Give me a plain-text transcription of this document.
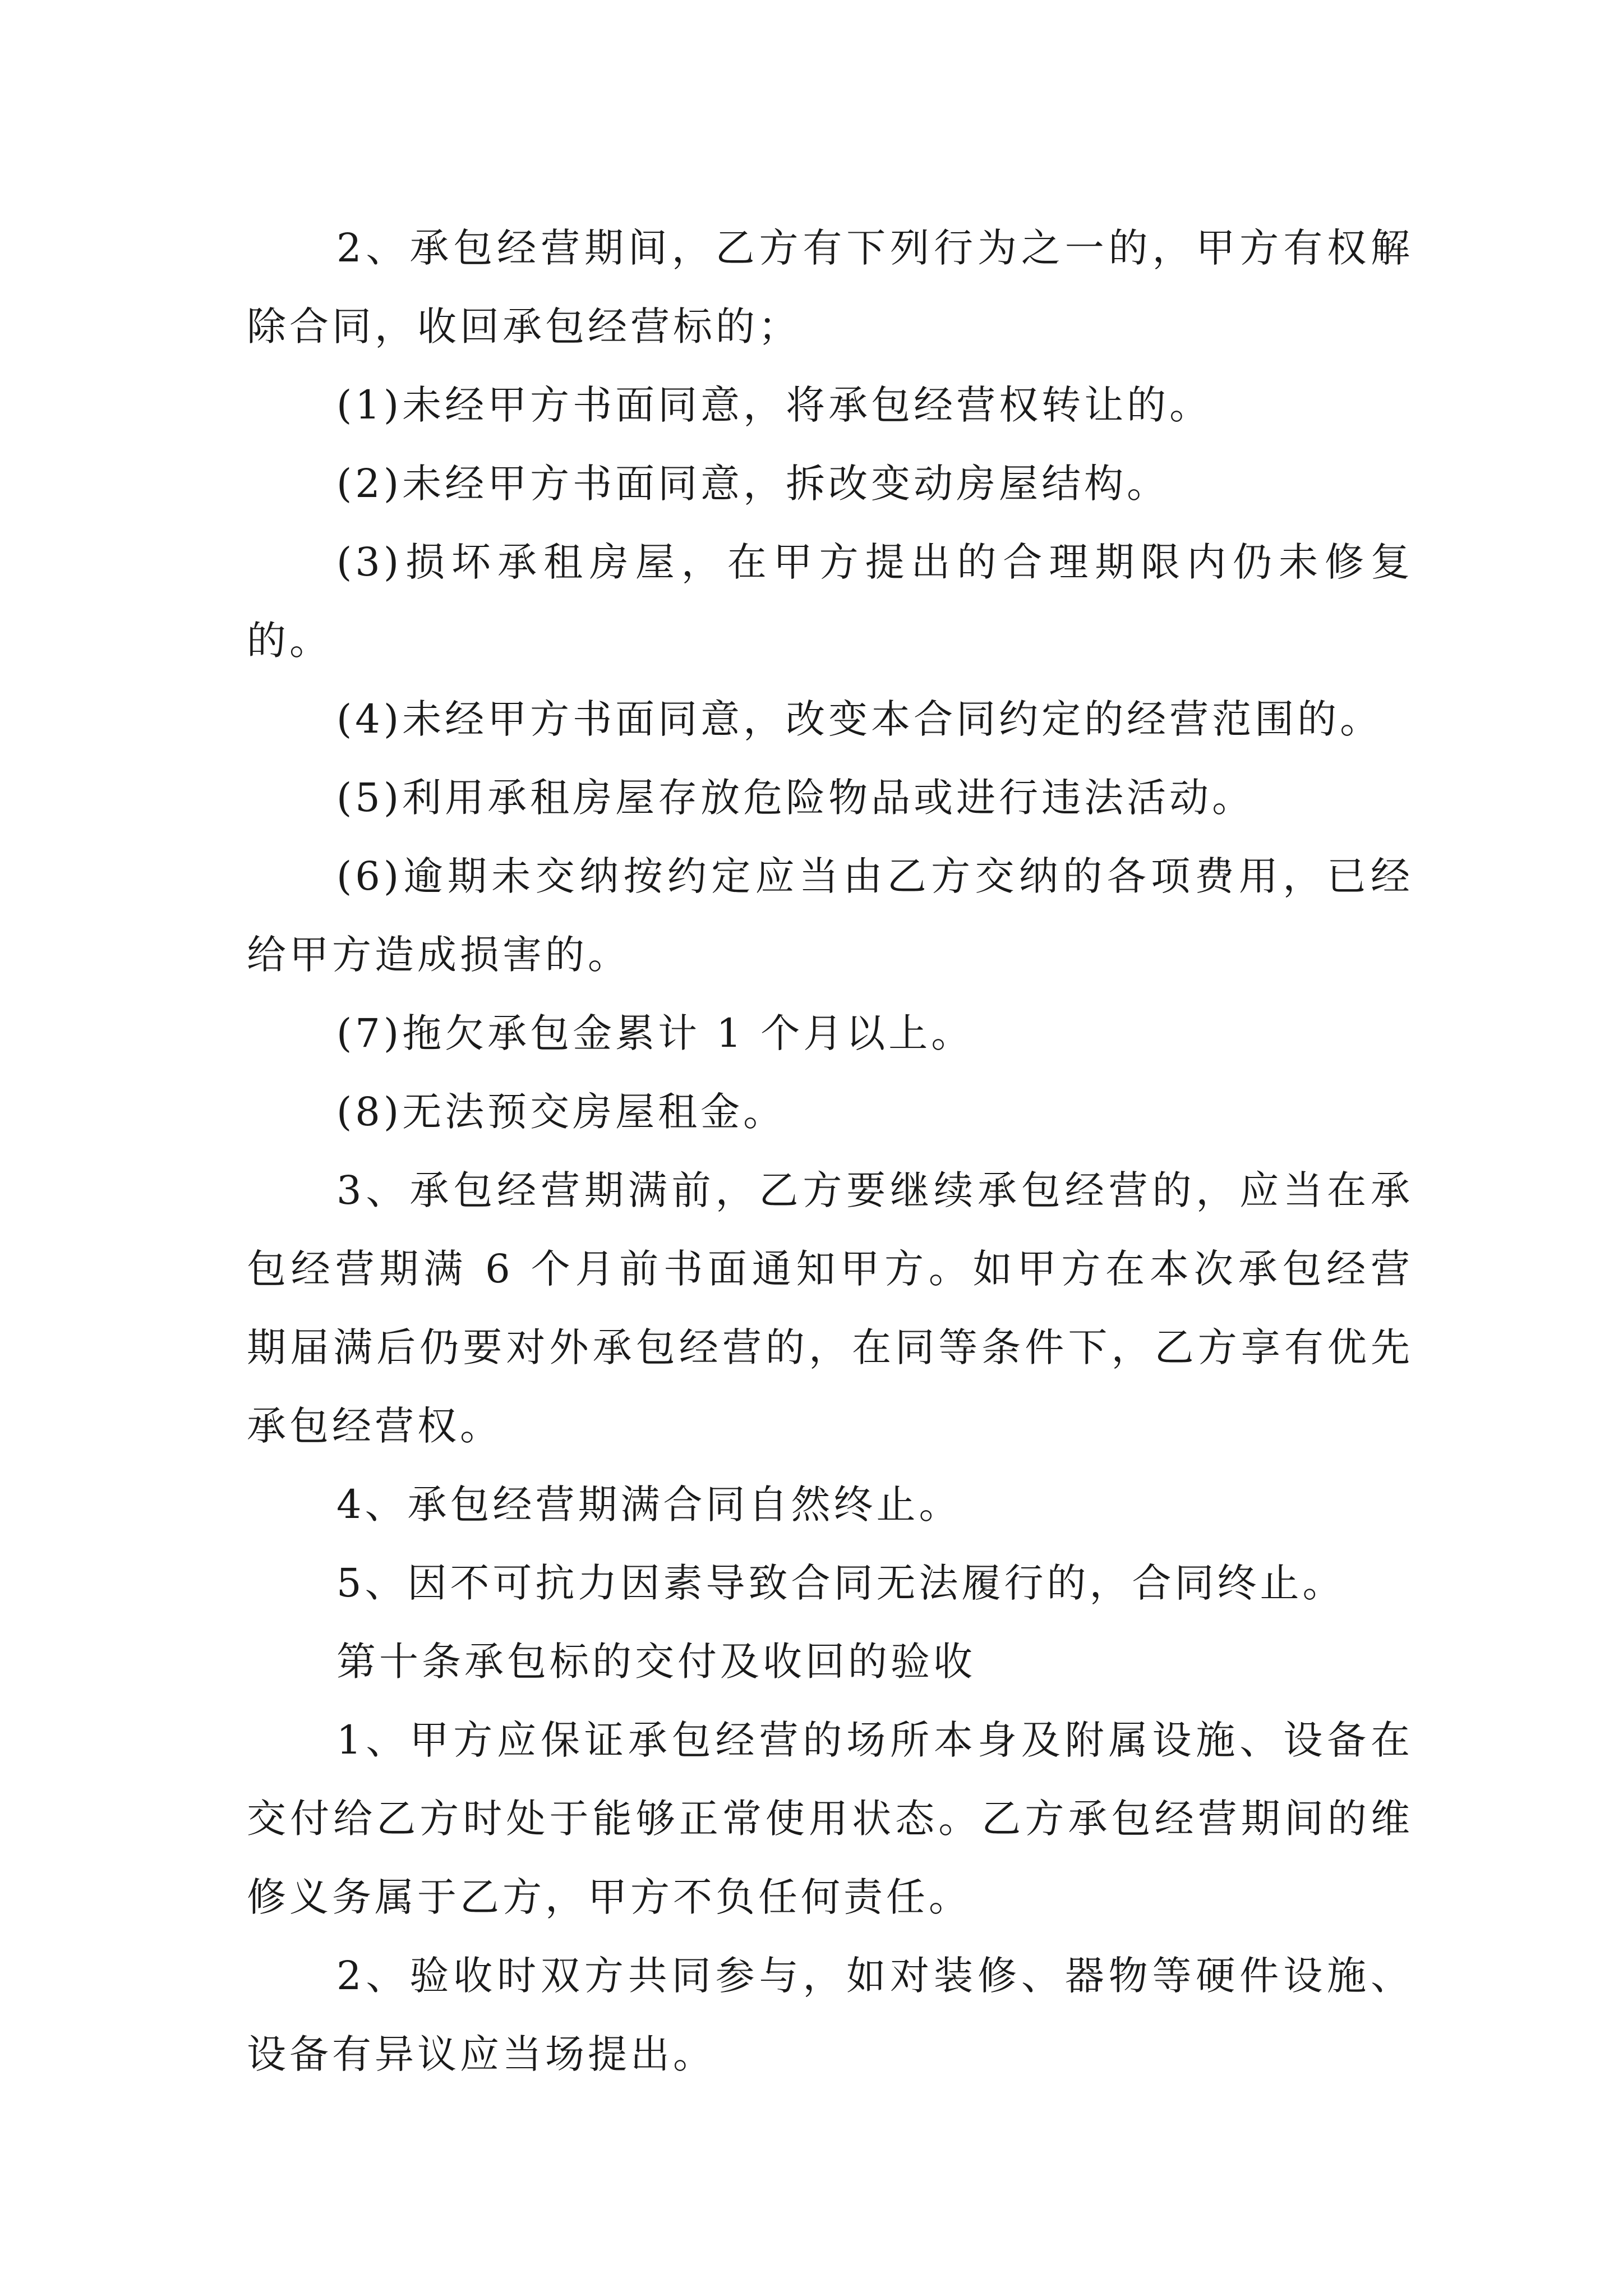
2、承包经营期间，乙方有下列行为之一的，甲方有权解除合同，收回承包经营标的；

(1)未经甲方书面同意，将承包经营权转让的。

(2)未经甲方书面同意，拆改变动房屋结构。

(3)损坏承租房屋，在甲方提出的合理期限内仍未修复的。

(4)未经甲方书面同意，改变本合同约定的经营范围的。

(5)利用承租房屋存放危险物品或进行违法活动。

(6)逾期未交纳按约定应当由乙方交纳的各项费用，已经给甲方造成损害的。

(7)拖欠承包金累计 1 个月以上。

(8)无法预交房屋租金。

3、承包经营期满前，乙方要继续承包经营的，应当在承包经营期满 6 个月前书面通知甲方。如甲方在本次承包经营期届满后仍要对外承包经营的，在同等条件下，乙方享有优先承包经营权。

4、承包经营期满合同自然终止。

5、因不可抗力因素导致合同无法履行的，合同终止。

第十条承包标的交付及收回的验收

1、甲方应保证承包经营的场所本身及附属设施、设备在交付给乙方时处于能够正常使用状态。乙方承包经营期间的维修义务属于乙方，甲方不负任何责任。

2、验收时双方共同参与，如对装修、器物等硬件设施、设备有异议应当场提出。
